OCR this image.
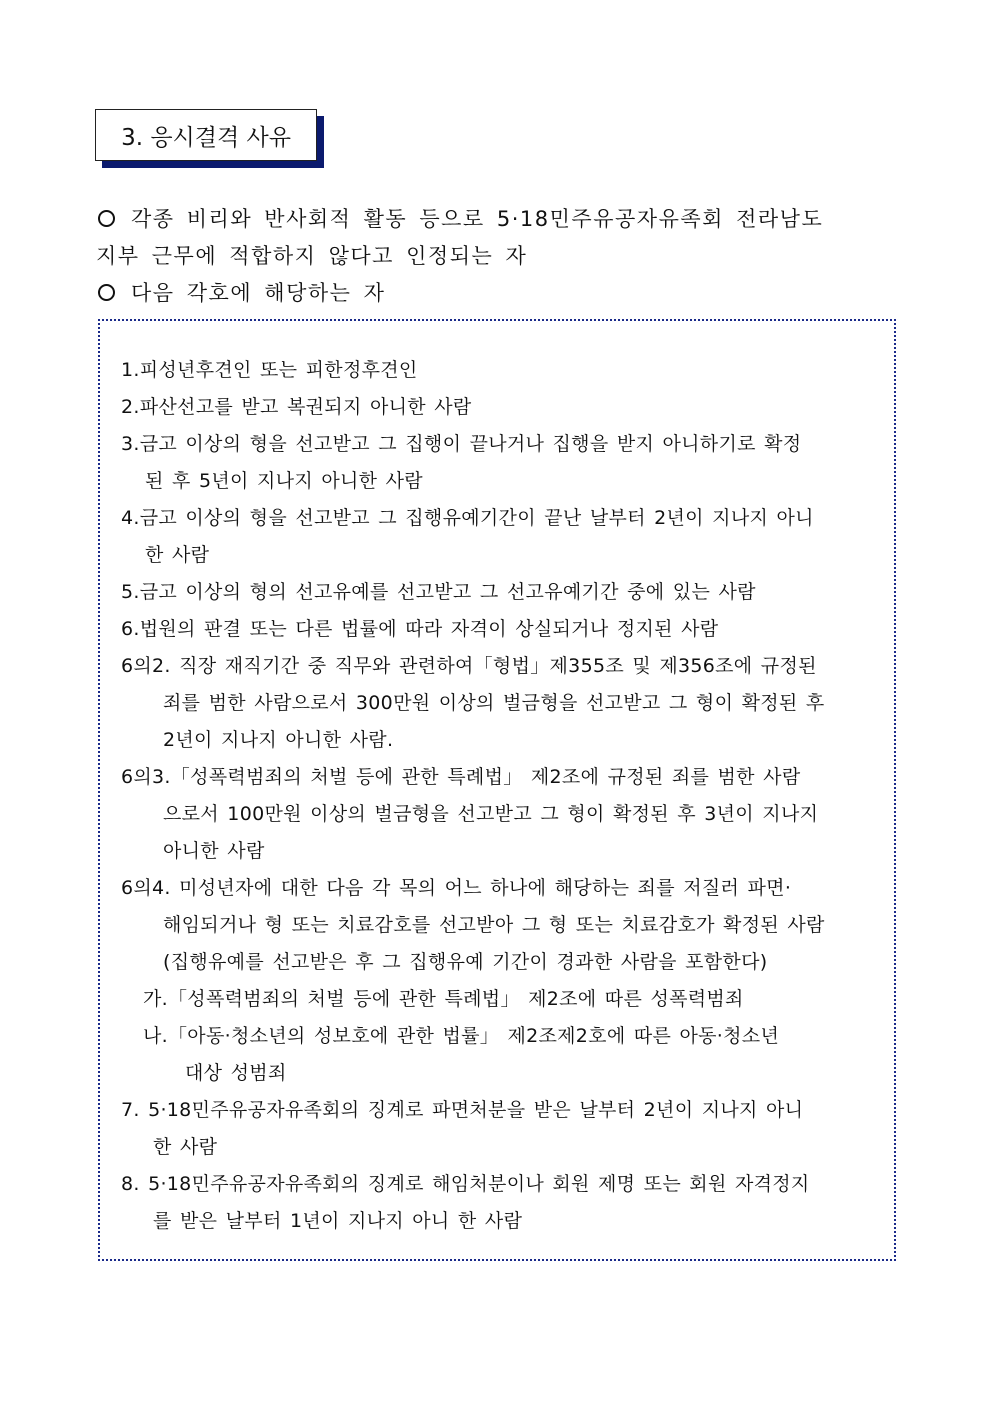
3. 응시결격 사유
각종 비리와 반사회적 활동 등으로 5·18민주유공자유족회 전라남도
지부 근무에 적합하지 않다고 인정되는 자
다음 각호에 해당하는 자
1.피성년후견인 또는 피한정후견인
2.파산선고를 받고 복권되지 아니한 사람
3.금고 이상의 형을 선고받고 그 집행이 끝나거나 집행을 받지 아니하기로 확정
된 후 5년이 지나지 아니한 사람
4.금고 이상의 형을 선고받고 그 집행유예기간이 끝난 날부터 2년이 지나지 아니
한 사람
5.금고 이상의 형의 선고유예를 선고받고 그 선고유예기간 중에 있는 사람
6.법원의 판결 또는 다른 법률에 따라 자격이 상실되거나 정지된 사람
6의2. 직장 재직기간 중 직무와 관련하여「형법」제355조 및 제356조에 규정된
죄를 범한 사람으로서 300만원 이상의 벌금형을 선고받고 그 형이 확정된 후
2년이 지나지 아니한 사람.
6의3.「성폭력범죄의 처벌 등에 관한 특례법」 제2조에 규정된 죄를 범한 사람
으로서 100만원 이상의 벌금형을 선고받고 그 형이 확정된 후 3년이 지나지
아니한 사람
6의4. 미성년자에 대한 다음 각 목의 어느 하나에 해당하는 죄를 저질러 파면·
해임되거나 형 또는 치료감호를 선고받아 그 형 또는 치료감호가 확정된 사람
(집행유예를 선고받은 후 그 집행유예 기간이 경과한 사람을 포함한다)
가.「성폭력범죄의 처벌 등에 관한 특례법」 제2조에 따른 성폭력범죄
나.「아동·청소년의 성보호에 관한 법률」 제2조제2호에 따른 아동·청소년
대상 성범죄
7. 5·18민주유공자유족회의 징계로 파면처분을 받은 날부터 2년이 지나지 아니
한 사람
8. 5·18민주유공자유족회의 징계로 해임처분이나 회원 제명 또는 회원 자격정지
를 받은 날부터 1년이 지나지 아니 한 사람
